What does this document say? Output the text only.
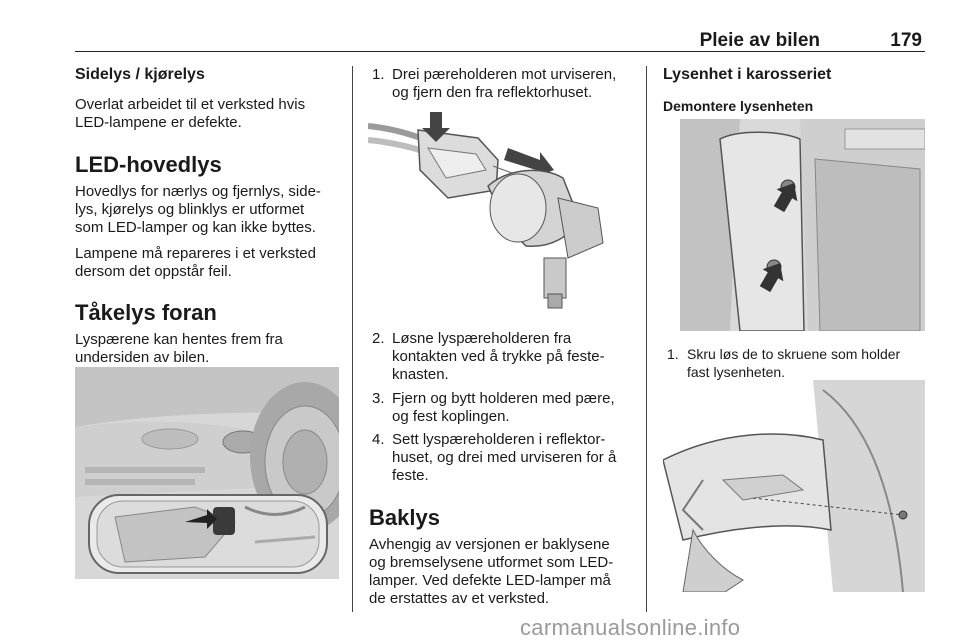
Pleie av bilen	179
Sidelys / kjørelys
Overlat arbeidet til et verksted hvis
LED-lampene er defekte.
LED-hovedlys
Hovedlys for nærlys og fjernlys, side-
lys, kjørelys og blinklys er utformet
som LED-lamper og kan ikke byttes.
Lampene må repareres i et verksted
dersom det oppstår feil.
Tåkelys foran
Lyspærene kan hentes frem fra
undersiden av bilen.
1. Drei pæreholderen mot urviseren,
og fjern den fra reflektorhuset.
2. Løsne lyspæreholderen fra
kontakten ved å trykke på feste-
knasten.
3. Fjern og bytt holderen med pære,
og fest koplingen.
4. Sett lyspæreholderen i reflektor-
huset, og drei med urviseren for å
feste.
Baklys
Avhengig av versjonen er baklysene
og bremselysene utformet som LED-
lamper. Ved defekte LED-lamper må
de erstattes av et verksted.
Lysenhet i karosseriet
Demontere lysenheten
1. Skru løs de to skruene som holder
fast lysenheten.
carmanualsonline.info
